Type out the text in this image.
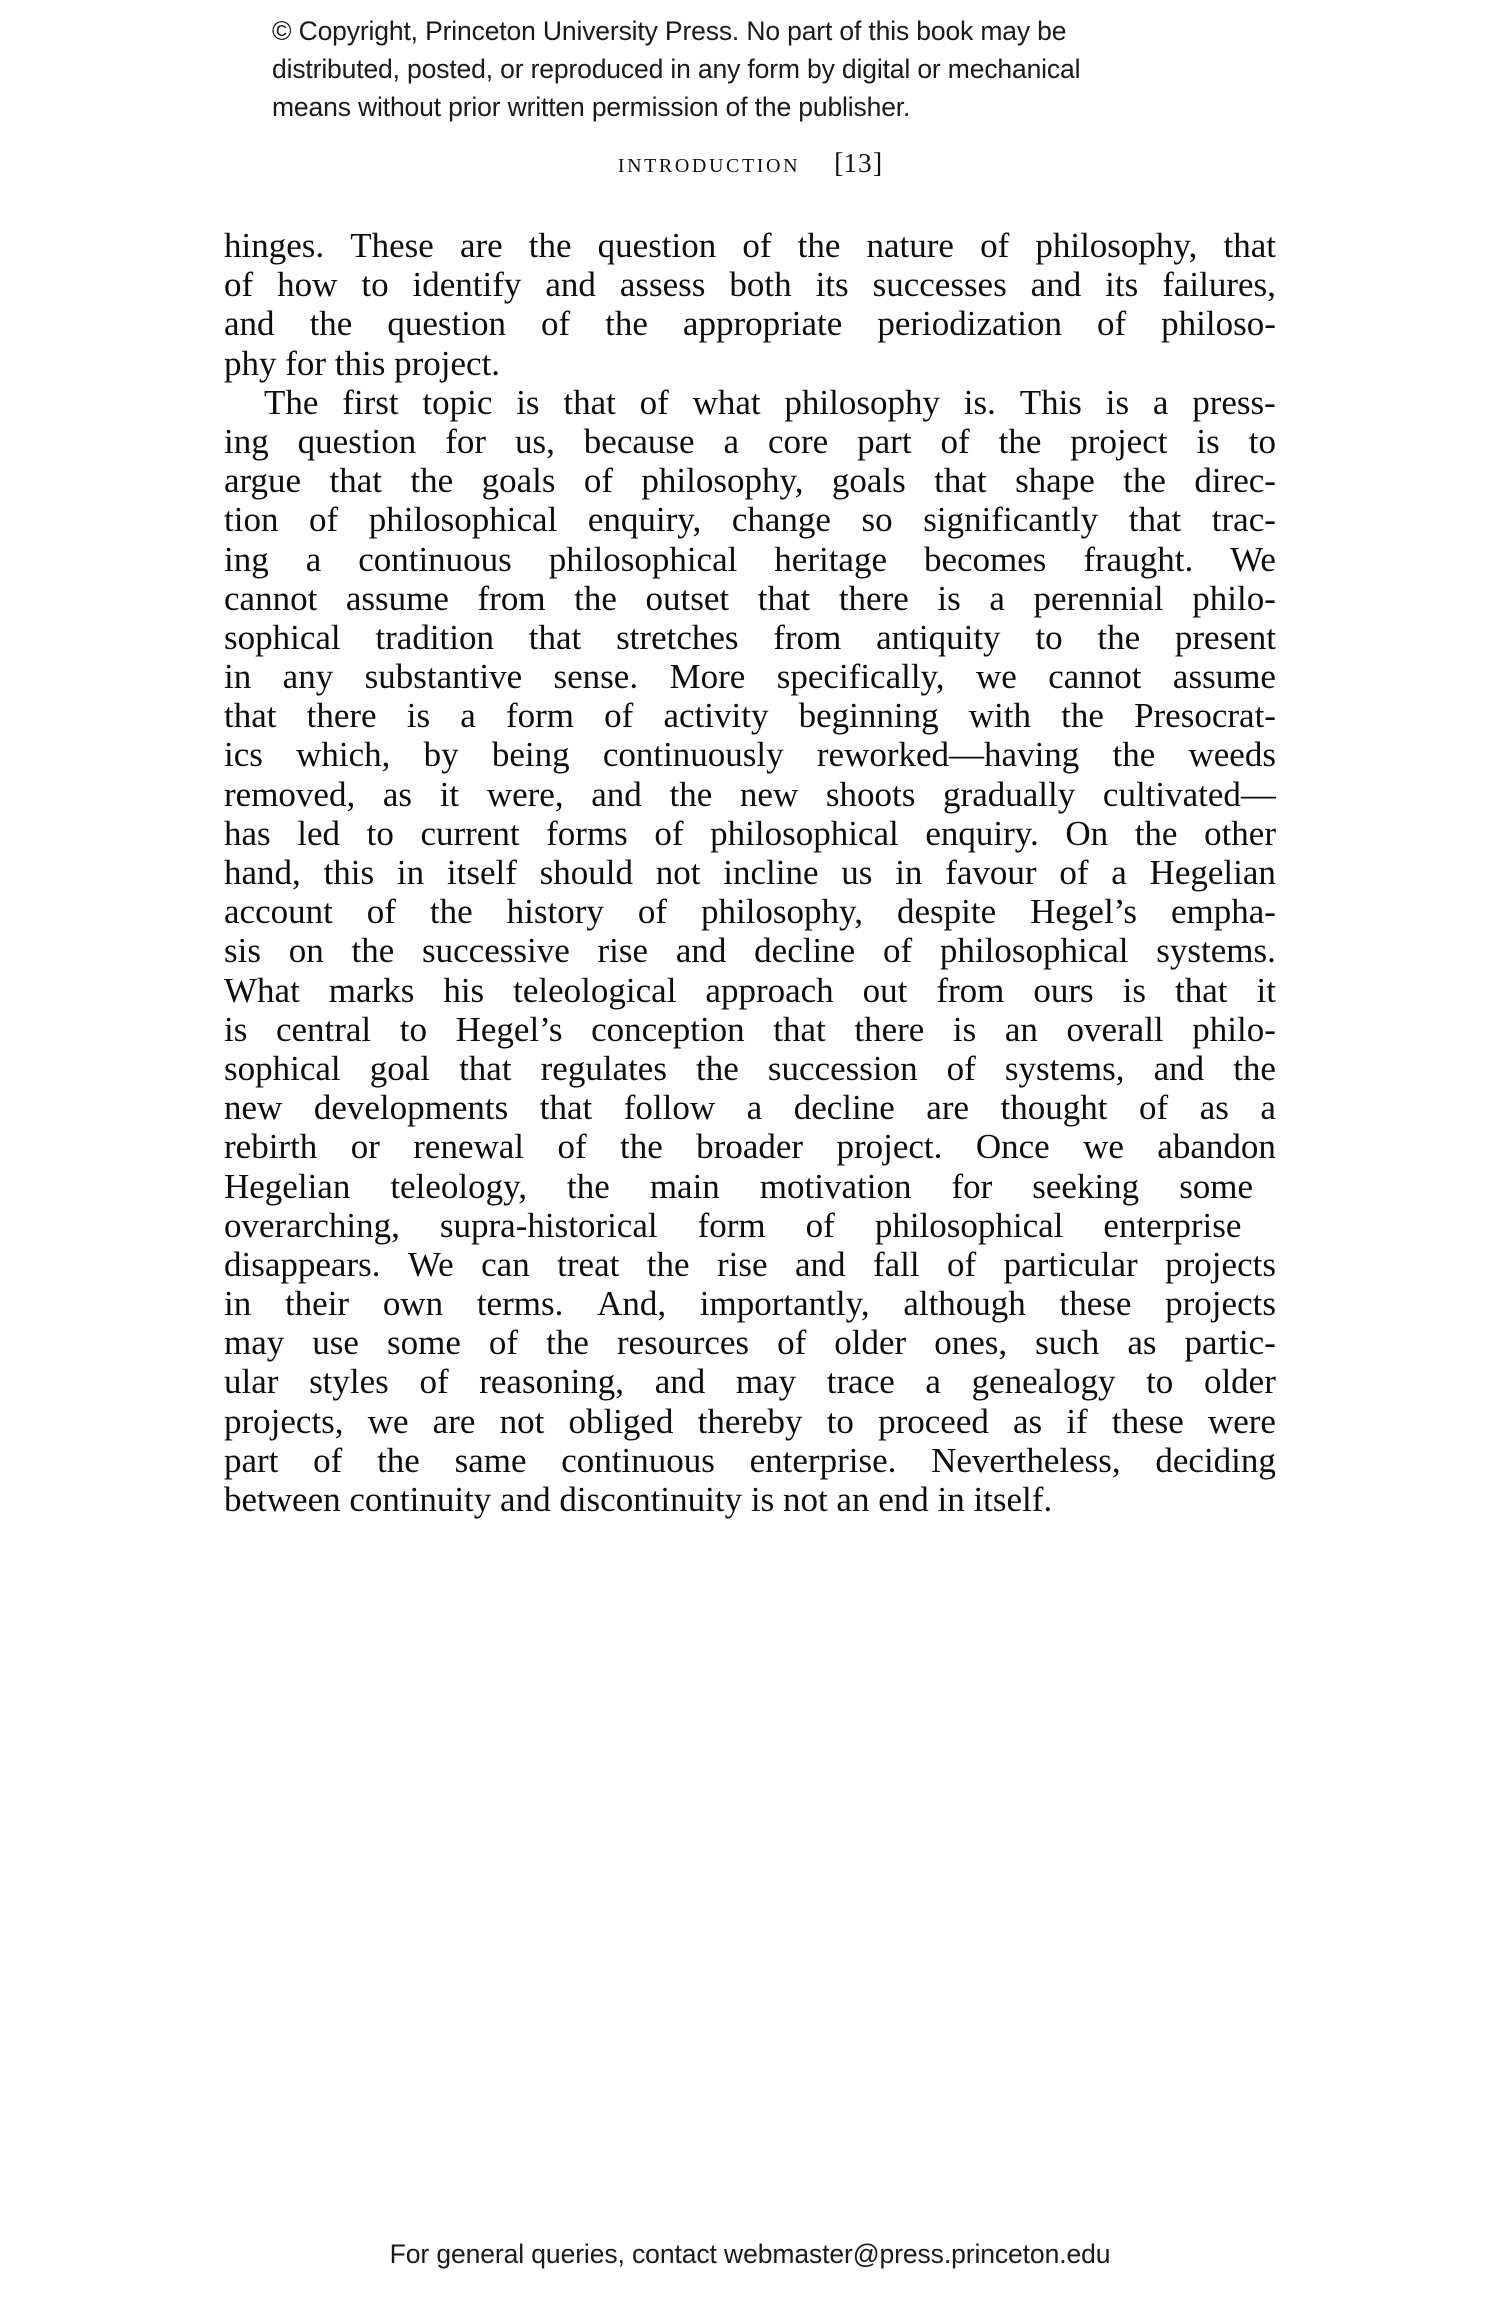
© Copyright, Princeton University Press. No part of this book may be
distributed, posted, or reproduced in any form by digital or mechanical
means without prior written permission of the publisher.
introduction [13]
hinges. These are the question of the nature of philosophy, that
of how to identify and assess both its successes and its failures,
and the question of the appropriate periodization of philoso-
phy for this project.
The first topic is that of what philosophy is. This is a press-
ing question for us, because a core part of the project is to
argue that the goals of philosophy, goals that shape the direc-
tion of philosophical enquiry, change so significantly that trac-
ing a continuous philosophical heritage becomes fraught. We
cannot assume from the outset that there is a perennial philo-
sophical tradition that stretches from antiquity to the present
in any substantive sense. More specifically, we cannot assume
that there is a form of activity beginning with the Presocrat-
ics which, by being continuously reworked—having the weeds
removed, as it were, and the new shoots gradually cultivated—
has led to current forms of philosophical enquiry. On the other
hand, this in itself should not incline us in favour of a Hegelian
account of the history of philosophy, despite Hegel’s empha-
sis on the successive rise and decline of philosophical systems.
What marks his teleological approach out from ours is that it
is central to Hegel’s conception that there is an overall philo-
sophical goal that regulates the succession of systems, and the
new developments that follow a decline are thought of as a
rebirth or renewal of the broader project. Once we abandon
Hegelian teleology, the main motivation for seeking some
overarching, supra-historical form of philosophical enterprise
disappears. We can treat the rise and fall of particular projects
in their own terms. And, importantly, although these projects
may use some of the resources of older ones, such as partic-
ular styles of reasoning, and may trace a genealogy to older
projects, we are not obliged thereby to proceed as if these were
part of the same continuous enterprise. Nevertheless, deciding
between continuity and discontinuity is not an end in itself.
For general queries, contact webmaster@press.princeton.edu
